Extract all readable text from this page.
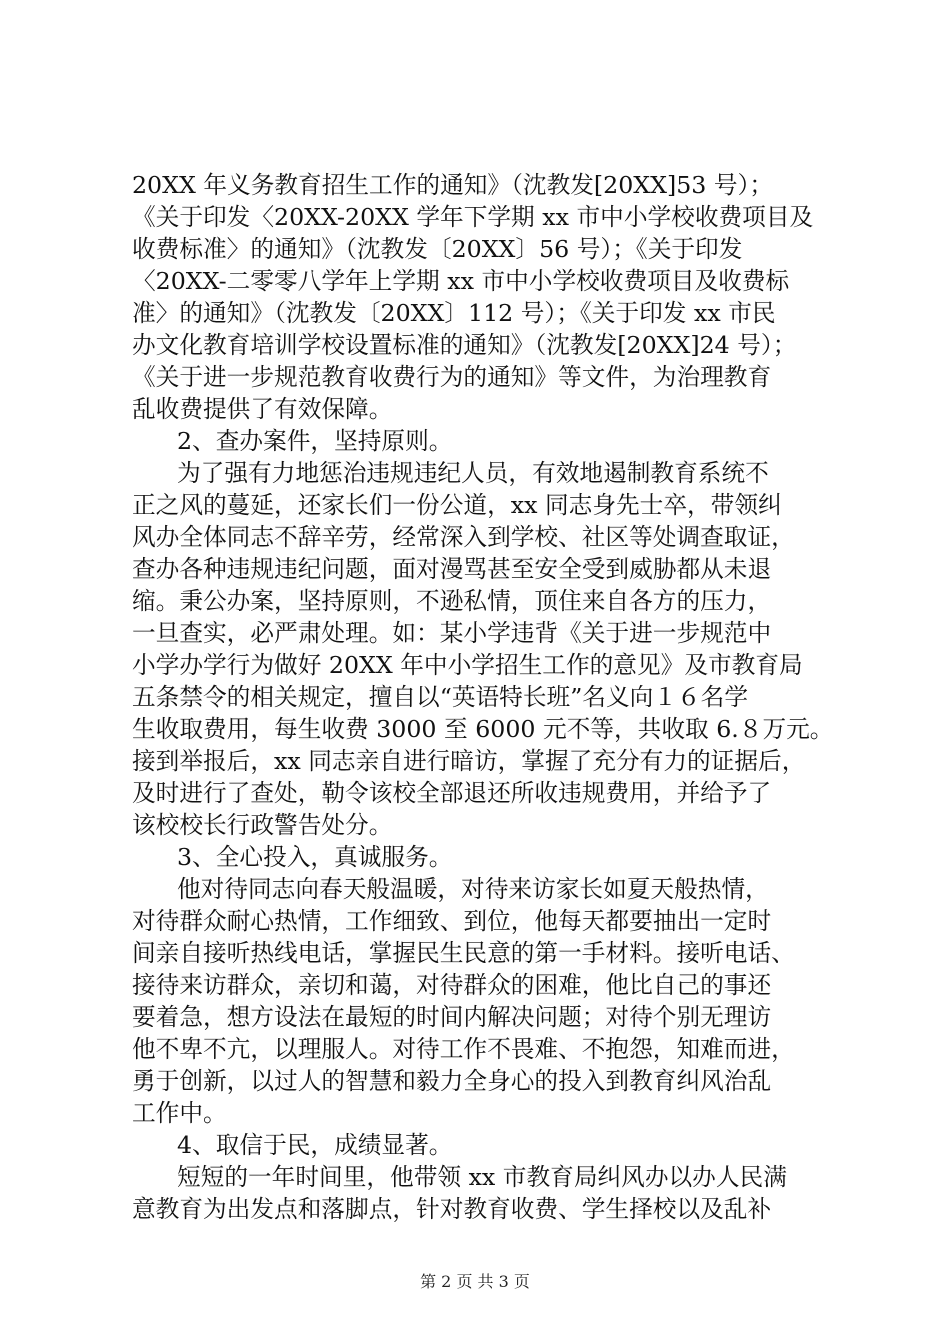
20XX 年义务教育招生工作的通知》（沈教发[20XX]53 号）；
《关于印发〈20XX-20XX 学年下学期 xx 市中小学校收费项目及
收费标准〉的通知》（沈教发〔20XX〕56 号）；《关于印发
〈20XX-二零零八学年上学期 xx 市中小学校收费项目及收费标
准〉的通知》（沈教发〔20XX〕112 号）；《关于印发 xx 市民
办文化教育培训学校设置标准的通知》（沈教发[20XX]24 号）；
《关于进一步规范教育收费行为的通知》等文件，为治理教育
乱收费提供了有效保障。
2、查办案件，坚持原则。
为了强有力地惩治违规违纪人员，有效地遏制教育系统不
正之风的蔓延，还家长们一份公道，xx 同志身先士卒，带领纠
风办全体同志不辞辛劳，经常深入到学校、社区等处调查取证，
查办各种违规违纪问题，面对漫骂甚至安全受到威胁都从未退
缩。秉公办案，坚持原则，不逊私情，顶住来自各方的压力，
一旦查实，必严肃处理。如：某小学违背《关于进一步规范中
小学办学行为做好 20XX 年中小学招生工作的意见》及市教育局
五条禁令的相关规定，擅自以“英语特长班”名义向１６名学
生收取费用，每生收费 3000 至 6000 元不等，共收取 6.８万元。
接到举报后，xx 同志亲自进行暗访，掌握了充分有力的证据后，
及时进行了查处，勒令该校全部退还所收违规费用，并给予了
该校校长行政警告处分。
3、全心投入，真诚服务。
他对待同志向春天般温暖，对待来访家长如夏天般热情，
对待群众耐心热情，工作细致、到位，他每天都要抽出一定时
间亲自接听热线电话，掌握民生民意的第一手材料。接听电话、
接待来访群众，亲切和蔼，对待群众的困难，他比自己的事还
要着急，想方设法在最短的时间内解决问题；对待个别无理访
他不卑不亢，以理服人。对待工作不畏难、不抱怨，知难而进，
勇于创新，以过人的智慧和毅力全身心的投入到教育纠风治乱
工作中。
4、取信于民，成绩显著。
短短的一年时间里，他带领 xx 市教育局纠风办以办人民满
意教育为出发点和落脚点，针对教育收费、学生择校以及乱补
第 2 页 共 3 页
